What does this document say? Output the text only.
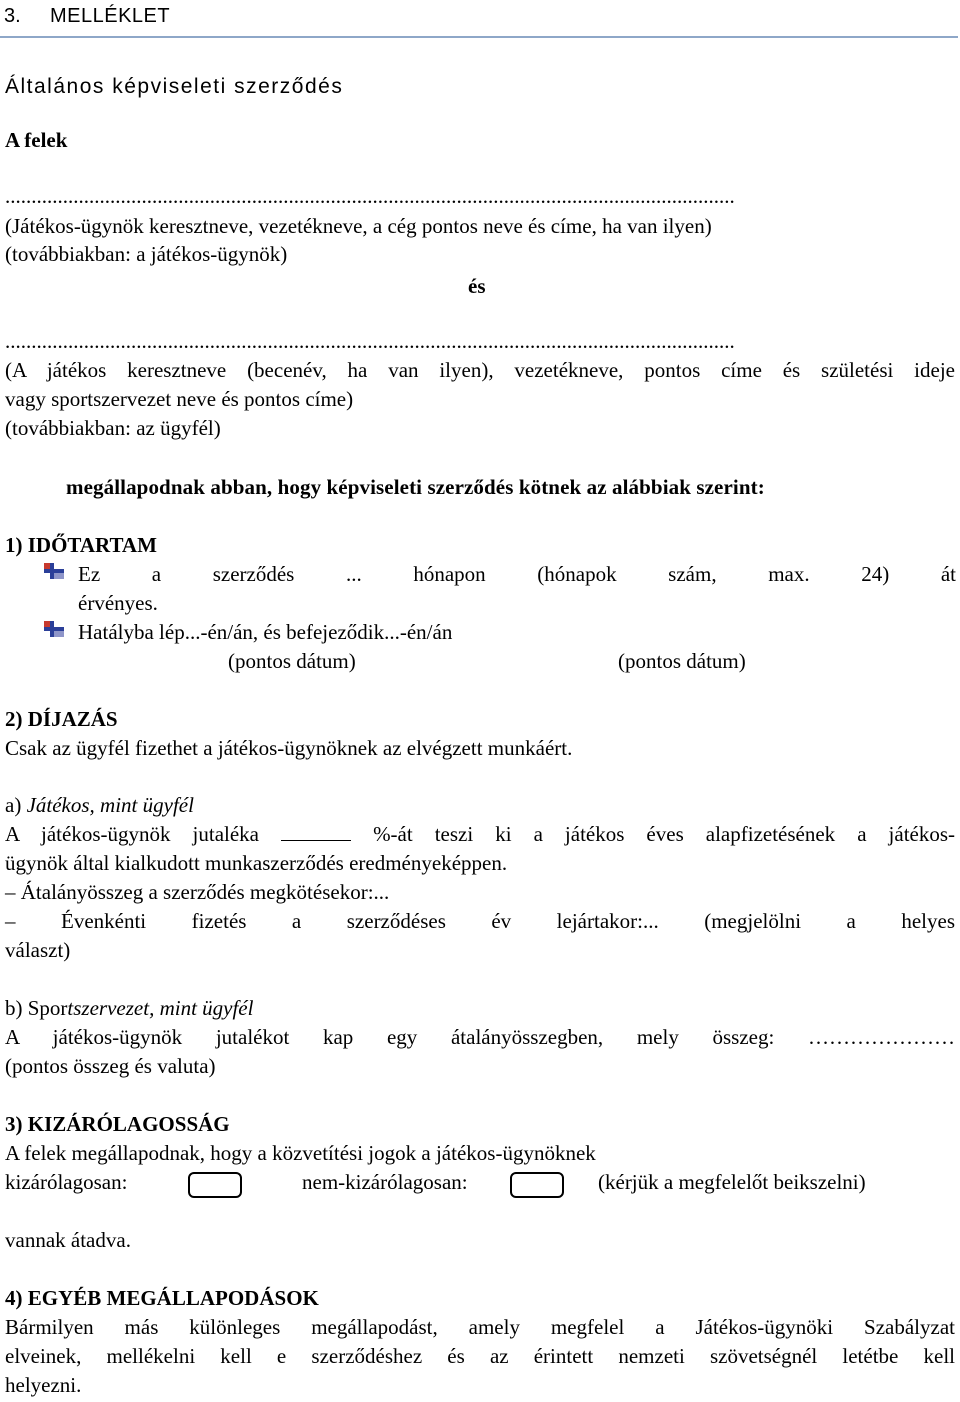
3. MELLÉKLET
Általános képviseleti szerződés
A felek
...........................................................................................................................................
(Játékos-ügynök keresztneve, vezetékneve, a cég pontos neve és címe, ha van ilyen)
(továbbiakban: a játékos-ügynök)
és
...........................................................................................................................................
(A játékos keresztneve (becenév, ha van ilyen), vezetékneve, pontos címe és születési ideje
vagy sportszervezet neve és pontos címe)
(továbbiakban: az ügyfél)
megállapodnak abban, hogy képviseleti szerződés kötnek az alábbiak szerint:
1) IDŐTARTAM
Ez a szerződés ... hónapon (hónapok szám, max. 24) át
érvényes.
Hatályba lép...-én/án, és befejeződik...-én/án
(pontos dátum)	(pontos dátum)
2) DÍJAZÁS
Csak az ügyfél fizethet a játékos-ügynöknek az elvégzett munkáért.
a) Játékos, mint ügyfél
A játékos-ügynök jutaléka	%-át teszi ki a játékos éves alapfizetésének a játékos-
ügynök által kialkudott munkaszerződés eredményeképpen.
– Átalányösszeg a szerződés megkötésekor:...
– Évenkénti fizetés a szerződéses év lejártakor:... (megjelölni a helyes
választ)
b) Sportszervezet, mint ügyfél
A játékos-ügynök jutalékot kap egy átalányösszegben, mely összeg: …………………
(pontos összeg és valuta)
3) KIZÁRÓLAGOSSÁG
A felek megállapodnak, hogy a közvetítési jogok a játékos-ügynöknek
kizárólagosan:	nem-kizárólagosan:	(kérjük a megfelelőt beikszelni)
vannak átadva.
4) EGYÉB MEGÁLLAPODÁSOK
Bármilyen más különleges megállapodást, amely megfelel a Játékos-ügynöki Szabályzat
elveinek, mellékelni kell e szerződéshez és az érintett nemzeti szövetségnél letétbe kell
helyezni.
